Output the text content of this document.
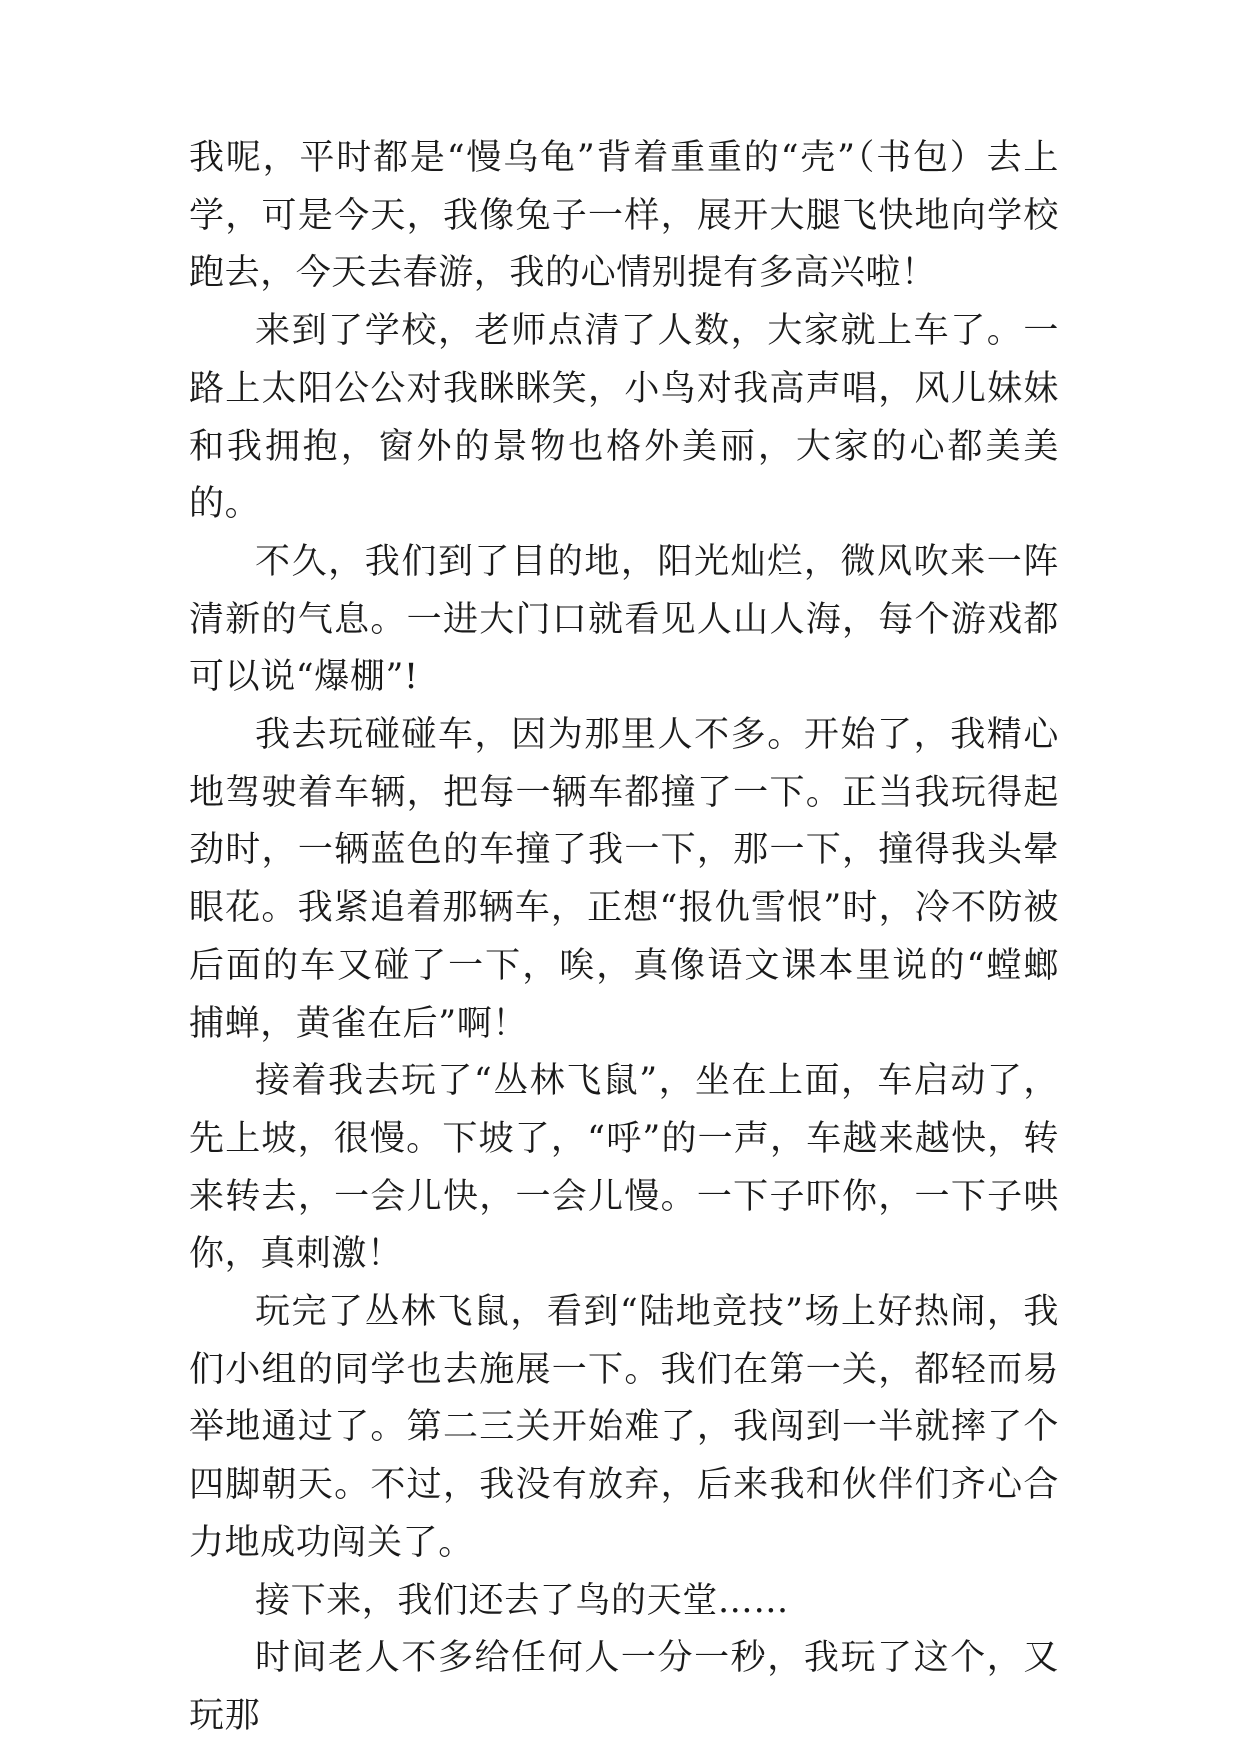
我呢，平时都是“慢乌龟”背着重重的“壳”（书包）去上学，可是今天，我像兔子一样，展开大腿飞快地向学校跑去，今天去春游，我的心情别提有多高兴啦！

来到了学校，老师点清了人数，大家就上车了。一路上太阳公公对我眯眯笑，小鸟对我高声唱，风儿妹妹和我拥抱，窗外的景物也格外美丽，大家的心都美美的。

不久，我们到了目的地，阳光灿烂，微风吹来一阵清新的气息。一进大门口就看见人山人海，每个游戏都可以说“爆棚”!

我去玩碰碰车，因为那里人不多。开始了，我精心地驾驶着车辆，把每一辆车都撞了一下。正当我玩得起劲时，一辆蓝色的车撞了我一下，那一下，撞得我头晕眼花。我紧追着那辆车，正想“报仇雪恨”时，冷不防被后面的车又碰了一下，唉，真像语文课本里说的“螳螂捕蝉，黄雀在后”啊！

接着我去玩了“丛林飞鼠”，坐在上面，车启动了，先上坡，很慢。下坡了，“呼”的一声，车越来越快，转来转去，一会儿快，一会儿慢。一下子吓你，一下子哄你，真刺激！

玩完了丛林飞鼠，看到“陆地竞技”场上好热闹，我们小组的同学也去施展一下。我们在第一关，都轻而易举地通过了。第二三关开始难了，我闯到一半就摔了个四脚朝天。不过，我没有放弃，后来我和伙伴们齐心合力地成功闯关了。

接下来，我们还去了鸟的天堂……

时间老人不多给任何人一分一秒，我玩了这个，又玩那
